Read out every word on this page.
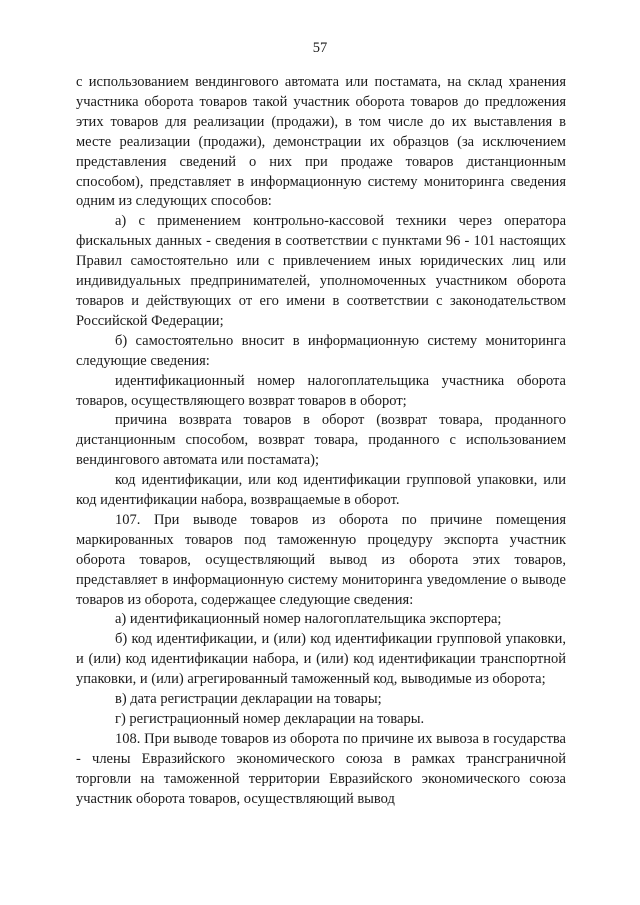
57

с использованием вендингового автомата или постамата, на склад хранения участника оборота товаров такой участник оборота товаров до предложения этих товаров для реализации (продажи), в том числе до их выставления в месте реализации (продажи), демонстрации их образцов (за исключением представления сведений о них при продаже товаров дистанционным способом), представляет в информационную систему мониторинга сведения одним из следующих способов:

а) с применением контрольно-кассовой техники через оператора фискальных данных - сведения в соответствии с пунктами 96 - 101 настоящих Правил самостоятельно или с привлечением иных юридических лиц или индивидуальных предпринимателей, уполномоченных участником оборота товаров и действующих от его имени в соответствии с законодательством Российской Федерации;

б) самостоятельно вносит в информационную систему мониторинга следующие сведения:

идентификационный номер налогоплательщика участника оборота товаров, осуществляющего возврат товаров в оборот;

причина возврата товаров в оборот (возврат товара, проданного дистанционным способом, возврат товара, проданного с использованием вендингового автомата или постамата);

код идентификации, или код идентификации групповой упаковки, или код идентификации набора, возвращаемые в оборот.

107. При выводе товаров из оборота по причине помещения маркированных товаров под таможенную процедуру экспорта участник оборота товаров, осуществляющий вывод из оборота этих товаров, представляет в информационную систему мониторинга уведомление о выводе товаров из оборота, содержащее следующие сведения:

а) идентификационный номер налогоплательщика экспортера;

б) код идентификации, и (или) код идентификации групповой упаковки, и (или) код идентификации набора, и (или) код идентификации транспортной упаковки, и (или) агрегированный таможенный код, выводимые из оборота;

в) дата регистрации декларации на товары;

г) регистрационный номер декларации на товары.

108. При выводе товаров из оборота по причине их вывоза в государства - члены Евразийского экономического союза в рамках трансграничной торговли на таможенной территории Евразийского экономического союза участник оборота товаров, осуществляющий вывод
